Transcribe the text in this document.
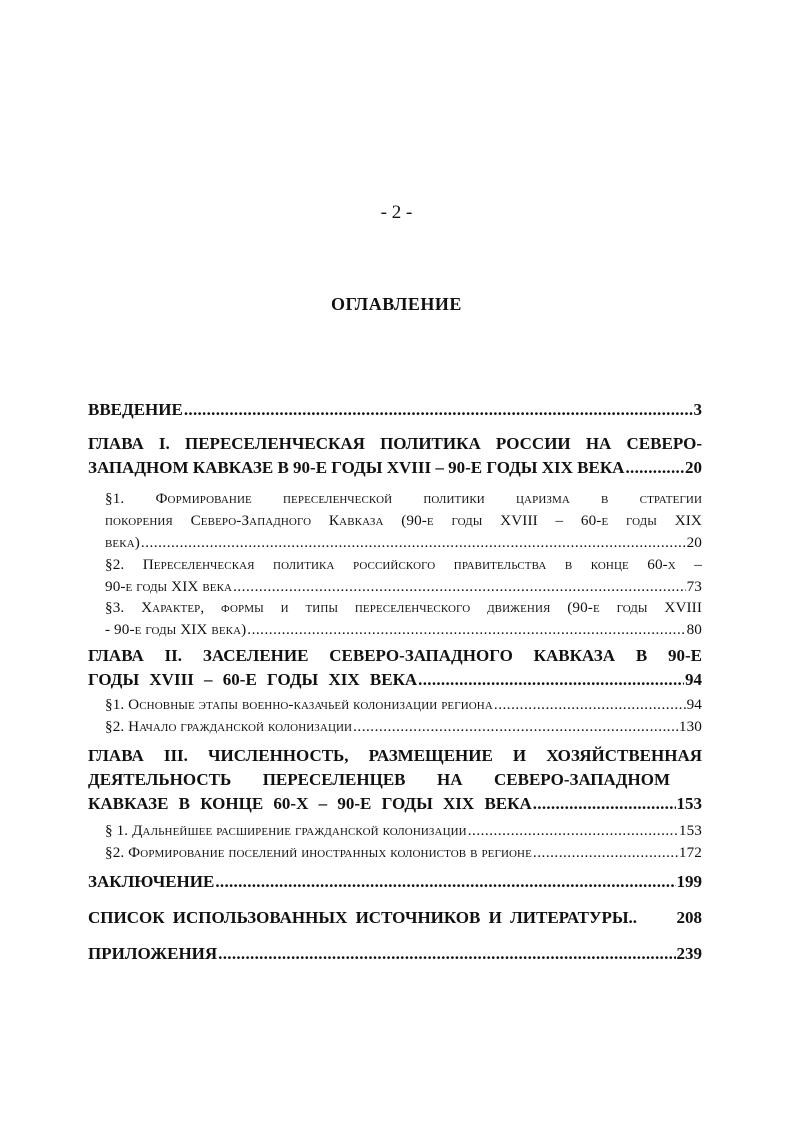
- 2 -
ОГЛАВЛЕНИЕ
ВВЕДЕНИЕ .....	3
ГЛАВА I. ПЕРЕСЕЛЕНЧЕСКАЯ ПОЛИТИКА РОССИИ НА СЕВЕРО-
ЗАПАДНОМ КАВКАЗЕ В 90-Е ГОДЫ XVIII – 90-Е ГОДЫ XIX ВЕКА .....	20
§1. Формирование переселенческой политики царизма в стратегии
покорения Северо-Западного Кавказа (90-е годы XVIII – 60-е годы XIX
века) .....	20
§2. Переселенческая политика российского правительства в конце 60-х –
90-е годы XIX века .....	73
§3. Характер, формы и типы переселенческого движения (90-е годы XVIII
- 90-е годы XIX века) .....	80
ГЛАВА II. ЗАСЕЛЕНИЕ СЕВЕРО-ЗАПАДНОГО КАВКАЗА В 90-Е
ГОДЫ XVIII – 60-Е ГОДЫ XIX ВЕКА .....	94
§1. Основные этапы военно-казачьей колонизации региона .....	94
§2. Начало гражданской колонизации .....	130
ГЛАВА III. ЧИСЛЕННОСТЬ, РАЗМЕЩЕНИЕ И ХОЗЯЙСТВЕННАЯ
ДЕЯТЕЛЬНОСТЬ ПЕРЕСЕЛЕНЦЕВ НА СЕВЕРО-ЗАПАДНОМ
КАВКАЗЕ В КОНЦЕ 60-Х – 90-Е ГОДЫ XIX ВЕКА .....	153
§ 1. Дальнейшее расширение гражданской колонизации .....	153
§2. Формирование поселений иностранных колонистов в регионе .....	172
ЗАКЛЮЧЕНИЕ .....	199
СПИСОК ИСПОЛЬЗОВАННЫХ ИСТОЧНИКОВ И ЛИТЕРАТУРЫ.. 208
ПРИЛОЖЕНИЯ .....	239
